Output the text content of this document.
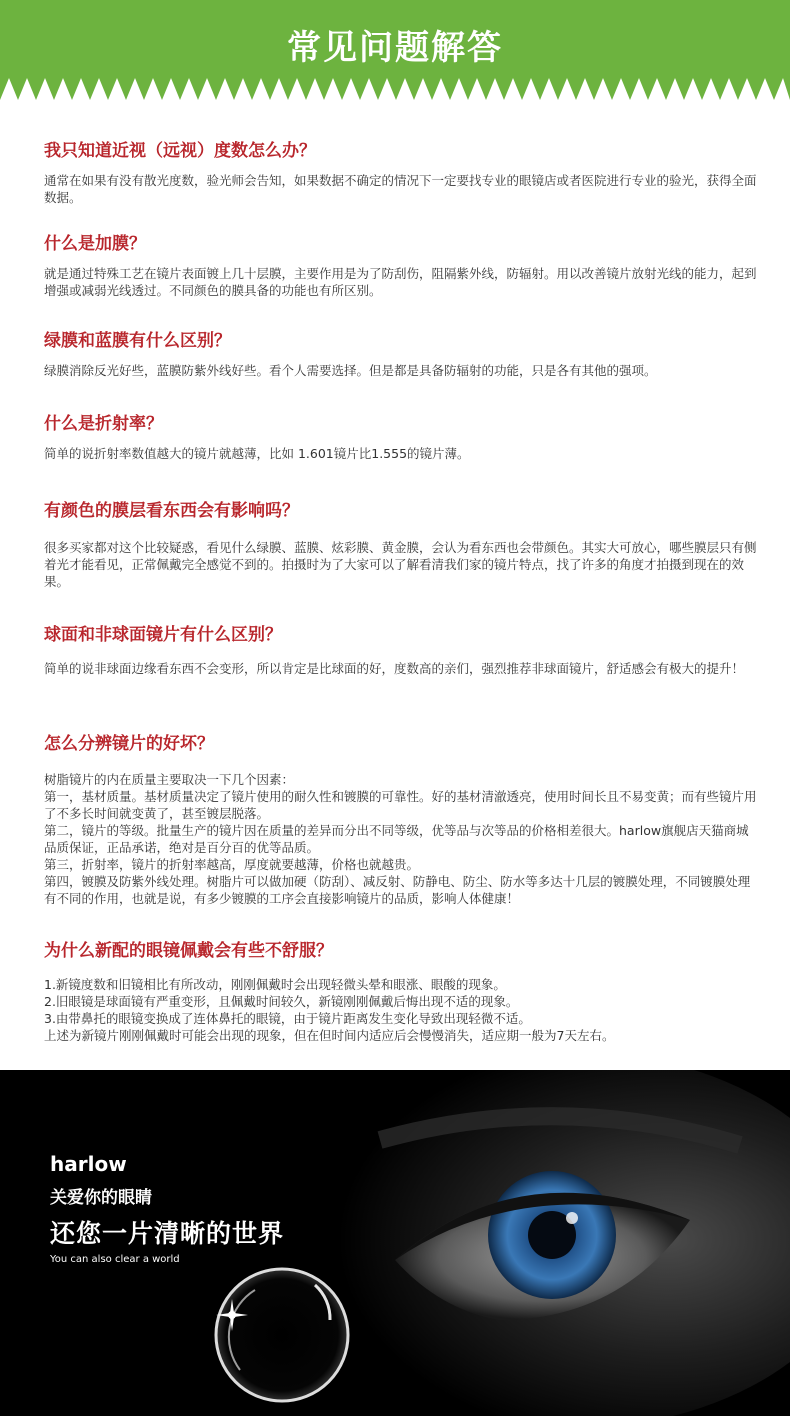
常见问题解答
我只知道近视（远视）度数怎么办？

通常在如果有没有散光度数，验光师会告知，如果数据不确定的情况下一定要找专业的眼镜店或者医院进行专业的验光，获得全面数据。

什么是加膜？

就是通过特殊工艺在镜片表面镀上几十层膜，主要作用是为了防刮伤，阻隔紫外线，防辐射。用以改善镜片放射光线的能力，起到增强或减弱光线透过。不同颜色的膜具备的功能也有所区别。

绿膜和蓝膜有什么区别？

绿膜消除反光好些，蓝膜防紫外线好些。看个人需要选择。但是都是具备防辐射的功能，只是各有其他的强项。

什么是折射率？

简单的说折射率数值越大的镜片就越薄，比如 1.601镜片比1.555的镜片薄。

有颜色的膜层看东西会有影响吗？

很多买家都对这个比较疑惑，看见什么绿膜、蓝膜、炫彩膜、黄金膜，会认为看东西也会带颜色。其实大可放心，哪些膜层只有侧着光才能看见，正常佩戴完全感觉不到的。拍摄时为了大家可以了解看清我们家的镜片特点，找了许多的角度才拍摄到现在的效果。

球面和非球面镜片有什么区别？

简单的说非球面边缘看东西不会变形，所以肯定是比球面的好，度数高的亲们，强烈推荐非球面镜片，舒适感会有极大的提升！

怎么分辨镜片的好坏？

树脂镜片的内在质量主要取决一下几个因素：

第一，基材质量。基材质量决定了镜片使用的耐久性和镀膜的可靠性。好的基材清澈透亮，使用时间长且不易变黄；而有些镜片用了不多长时间就变黄了，甚至镀层脱落。

第二，镜片的等级。批量生产的镜片因在质量的差异而分出不同等级，优等品与次等品的价格相差很大。harlow旗舰店天猫商城品质保证，正品承诺，绝对是百分百的优等品质。

第三，折射率，镜片的折射率越高，厚度就要越薄，价格也就越贵。

第四，镀膜及防紫外线处理。树脂片可以做加硬（防刮）、减反射、防静电、防尘、防水等多达十几层的镀膜处理，不同镀膜处理有不同的作用，也就是说，有多少镀膜的工序会直接影响镜片的品质，影响人体健康！

为什么新配的眼镜佩戴会有些不舒服？

1.新镜度数和旧镜相比有所改动，刚刚佩戴时会出现轻微头晕和眼涨、眼酸的现象。

2.旧眼镜是球面镜有严重变形，且佩戴时间较久，新镜刚刚佩戴后悔出现不适的现象。

3.由带鼻托的眼镜变换成了连体鼻托的眼镜，由于镜片距离发生变化导致出现轻微不适。

上述为新镜片刚刚佩戴时可能会出现的现象，但在但时间内适应后会慢慢消失，适应期一般为7天左右。

harlow
关爱你的眼睛
还您一片清晰的世界
You can also clear a world
